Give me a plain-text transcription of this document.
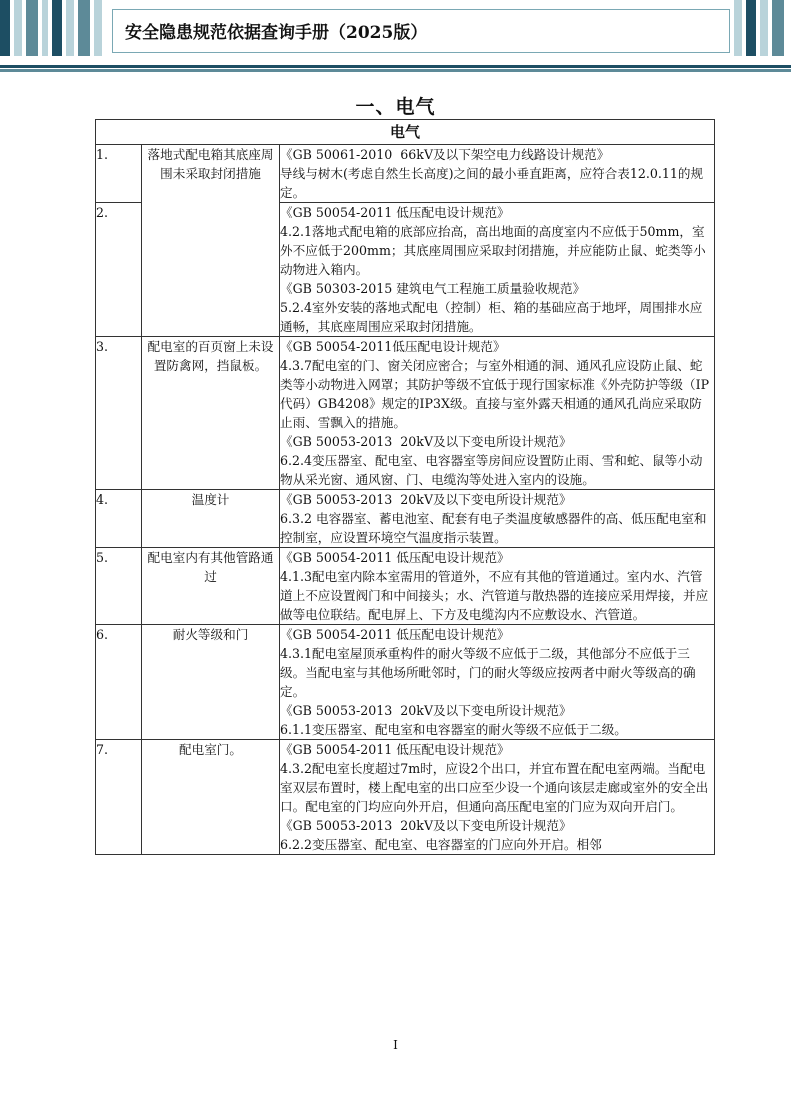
安全隐患规范依据查询手册（2025版）
一、电气
电气		
1.	落地式配电箱其底座周围未采取封闭措施	《GB 50061-2010  66kV及以下架空电力线路设计规范》
导线与树木(考虑自然生长高度)之间的最小垂直距离，应符合表12.0.11的规定。

2.		《GB 50054-2011 低压配电设计规范》
4.2.1落地式配电箱的底部应抬高，高出地面的高度室内不应低于50mm，室外不应低于200mm；其底座周围应采取封闭措施，并应能防止鼠、蛇类等小动物进入箱内。
《GB 50303-2015 建筑电气工程施工质量验收规范》
5.2.4室外安装的落地式配电（控制）柜、箱的基础应高于地坪，周围排水应通畅，其底座周围应采取封闭措施。

3.	配电室的百页窗上未设置防禽网，挡鼠板。	《GB 50054-2011低压配电设计规范》
4.3.7配电室的门、窗关闭应密合；与室外相通的洞、通风孔应设防止鼠、蛇类等小动物进入网罩；其防护等级不宜低于现行国家标准《外壳防护等级（IP代码）GB4208》规定的IP3X级。直接与室外露天相通的通风孔尚应采取防止雨、雪飘入的措施。
《GB 50053-2013  20kV及以下变电所设计规范》
6.2.4变压器室、配电室、电容器室等房间应设置防止雨、雪和蛇、鼠等小动物从采光窗、通风窗、门、电缆沟等处进入室内的设施。

4.	温度计	《GB 50053-2013  20kV及以下变电所设计规范》
6.3.2 电容器室、蓄电池室、配套有电子类温度敏感器件的高、低压配电室和控制室，应设置环境空气温度指示装置。

5.	配电室内有其他管路通过	《GB 50054-2011 低压配电设计规范》
4.1.3配电室内除本室需用的管道外，不应有其他的管道通过。室内水、汽管道上不应设置阀门和中间接头；水、汽管道与散热器的连接应采用焊接，并应做等电位联结。配电屏上、下方及电缆沟内不应敷设水、汽管道。

6.	耐火等级和门	《GB 50054-2011 低压配电设计规范》
4.3.1配电室屋顶承重构件的耐火等级不应低于二级，其他部分不应低于三级。当配电室与其他场所毗邻时，门的耐火等级应按两者中耐火等级高的确定。
《GB 50053-2013  20kV及以下变电所设计规范》
6.1.1变压器室、配电室和电容器室的耐火等级不应低于二级。

7.	配电室门。	《GB 50054-2011 低压配电设计规范》
4.3.2配电室长度超过7m时，应设2个出口，并宜布置在配电室两端。当配电室双层布置时，楼上配电室的出口应至少设一个通向该层走廊或室外的安全出口。配电室的门均应向外开启，但通向高压配电室的门应为双向开启门。
《GB 50053-2013  20kV及以下变电所设计规范》
6.2.2变压器室、配电室、电容器室的门应向外开启。相邻
I
